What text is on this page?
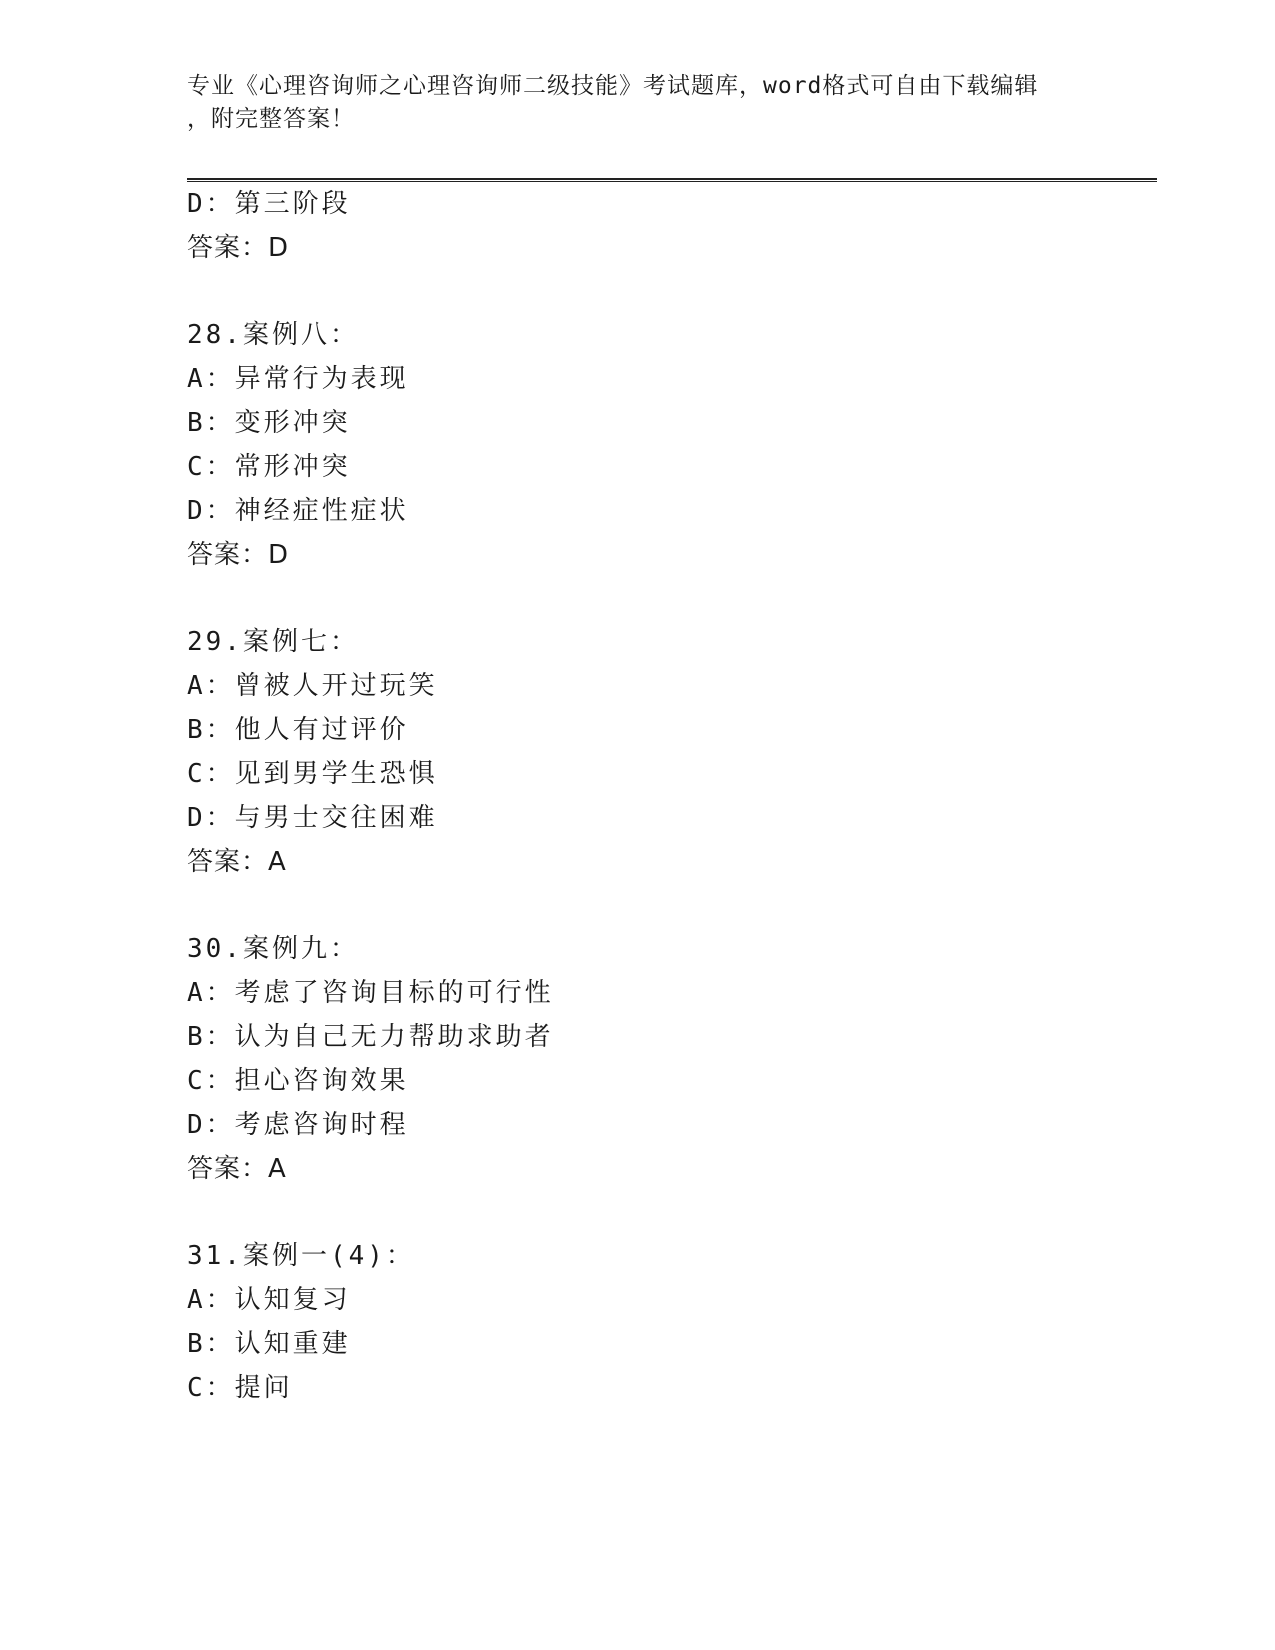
专业《心理咨询师之心理咨询师二级技能》考试题库，word格式可自由下载编辑
，附完整答案！
D：第三阶段
答案：D
28.案例八：
A：异常行为表现
B：变形冲突
C：常形冲突
D：神经症性症状
答案：D
29.案例七：
A：曾被人开过玩笑
B：他人有过评价
C：见到男学生恐惧
D：与男士交往困难
答案：A
30.案例九：
A：考虑了咨询目标的可行性
B：认为自己无力帮助求助者
C：担心咨询效果
D：考虑咨询时程
答案：A
31.案例一(4)：
A：认知复习
B：认知重建
C：提问
